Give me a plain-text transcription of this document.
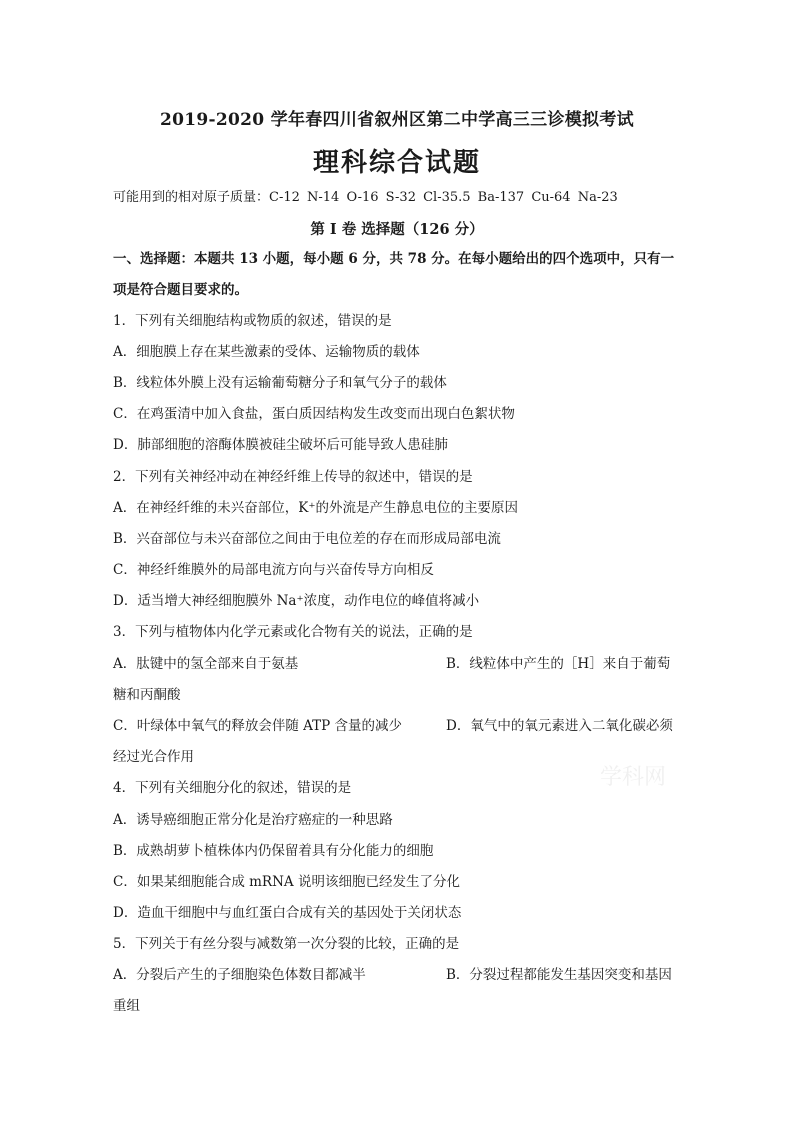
2019-2020 学年春四川省叙州区第二中学高三三诊模拟考试
理科综合试题
可能用到的相对原子质量：C-12 N-14 O-16 S-32 Cl-35.5 Ba-137 Cu-64 Na-23
第 I 卷 选择题（126 分）
一、选择题：本题共 13 小题，每小题 6 分，共 78 分。在每小题给出的四个选项中，只有一
项是符合题目要求的。
1．下列有关细胞结构或物质的叙述，错误的是
A．细胞膜上存在某些激素的受体、运输物质的载体
B．线粒体外膜上没有运输葡萄糖分子和氧气分子的载体
C．在鸡蛋清中加入食盐，蛋白质因结构发生改变而出现白色絮状物
D．肺部细胞的溶酶体膜被硅尘破坏后可能导致人患硅肺
2．下列有关神经冲动在神经纤维上传导的叙述中，错误的是
A．在神经纤维的未兴奋部位，K⁺的外流是产生静息电位的主要原因
B．兴奋部位与未兴奋部位之间由于电位差的存在而形成局部电流
C．神经纤维膜外的局部电流方向与兴奋传导方向相反
D．适当增大神经细胞膜外 Na⁺浓度，动作电位的峰值将减小
3．下列与植物体内化学元素或化合物有关的说法，正确的是
A．肽键中的氢全部来自于氨基	B．线粒体中产生的［H］来自于葡萄
糖和丙酮酸
C．叶绿体中氧气的释放会伴随 ATP 含量的减少	D．氧气中的氧元素进入二氧化碳必须
经过光合作用
4．下列有关细胞分化的叙述，错误的是
A．诱导癌细胞正常分化是治疗癌症的一种思路
B．成熟胡萝卜植株体内仍保留着具有分化能力的细胞
C．如果某细胞能合成 mRNA 说明该细胞已经发生了分化
D．造血干细胞中与血红蛋白合成有关的基因处于关闭状态
5．下列关于有丝分裂与减数第一次分裂的比较，正确的是
A．分裂后产生的子细胞染色体数目都减半	B．分裂过程都能发生基因突变和基因
重组
学科网
